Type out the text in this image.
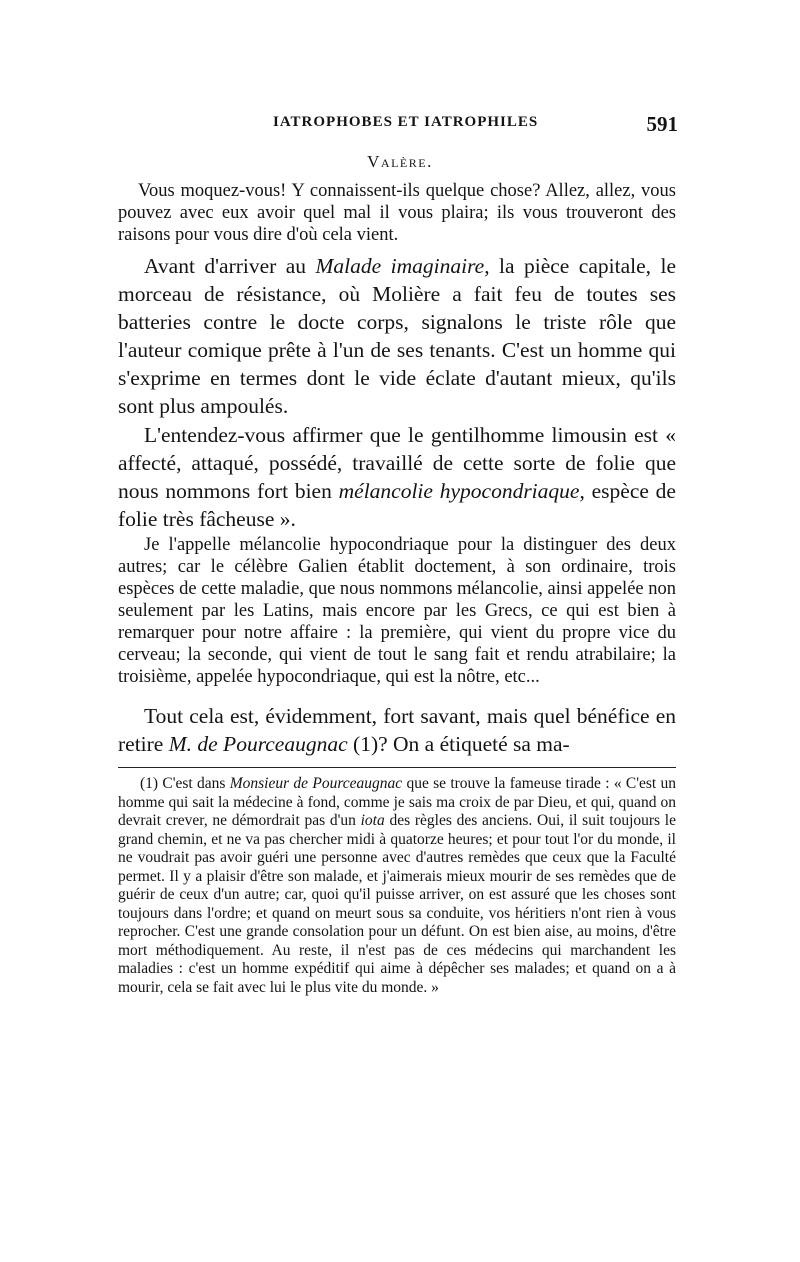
IATROPHOBES ET IATROPHILES	591
Valère.

Vous moquez-vous! Y connaissent-ils quelque chose? Allez, allez, vous pouvez avec eux avoir quel mal il vous plaira; ils vous trouveront des raisons pour vous dire d'où cela vient.

Avant d'arriver au Malade imaginaire, la pièce capitale, le morceau de résistance, où Molière a fait feu de toutes ses batteries contre le docte corps, signalons le triste rôle que l'auteur comique prête à l'un de ses tenants. C'est un homme qui s'exprime en termes dont le vide éclate d'autant mieux, qu'ils sont plus ampoulés.

L'entendez-vous affirmer que le gentilhomme limousin est « affecté, attaqué, possédé, travaillé de cette sorte de folie que nous nommons fort bien mélancolie hypocondriaque, espèce de folie très fâcheuse ».

Je l'appelle mélancolie hypocondriaque pour la distinguer des deux autres; car le célèbre Galien établit doctement, à son ordinaire, trois espèces de cette maladie, que nous nommons mélancolie, ainsi appelée non seulement par les Latins, mais encore par les Grecs, ce qui est bien à remarquer pour notre affaire : la première, qui vient du propre vice du cerveau; la seconde, qui vient de tout le sang fait et rendu atrabilaire; la troisième, appelée hypocondriaque, qui est la nôtre, etc...

Tout cela est, évidemment, fort savant, mais quel bénéfice en retire M. de Pourceaugnac (1)? On a étiqueté sa ma-

(1) C'est dans Monsieur de Pourceaugnac que se trouve la fameuse tirade : « C'est un homme qui sait la médecine à fond, comme je sais ma croix de par Dieu, et qui, quand on devrait crever, ne démordrait pas d'un iota des règles des anciens. Oui, il suit toujours le grand chemin, et ne va pas chercher midi à quatorze heures; et pour tout l'or du monde, il ne voudrait pas avoir guéri une personne avec d'autres remèdes que ceux que la Faculté permet. Il y a plaisir d'être son malade, et j'aimerais mieux mourir de ses remèdes que de guérir de ceux d'un autre; car, quoi qu'il puisse arriver, on est assuré que les choses sont toujours dans l'ordre; et quand on meurt sous sa conduite, vos héritiers n'ont rien à vous reprocher. C'est une grande consolation pour un défunt. On est bien aise, au moins, d'être mort méthodiquement. Au reste, il n'est pas de ces médecins qui marchandent les maladies : c'est un homme expéditif qui aime à dépêcher ses malades; et quand on a à mourir, cela se fait avec lui le plus vite du monde. »
